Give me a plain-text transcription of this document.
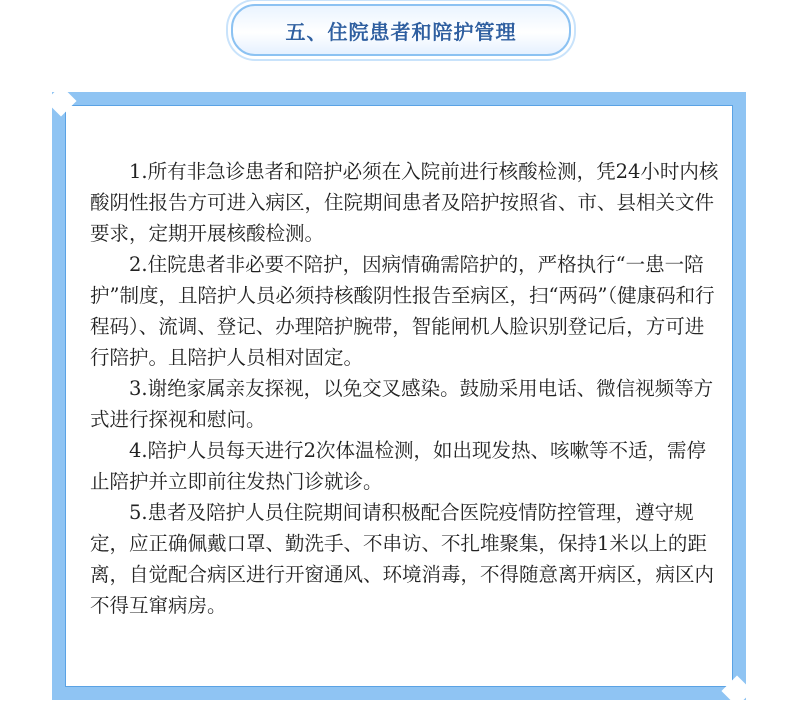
五、住院患者和陪护管理

1.所有非急诊患者和陪护必须在入院前进行核酸检测，凭24小时内核酸阴性报告方可进入病区，住院期间患者及陪护按照省、市、县相关文件要求，定期开展核酸检测。

2.住院患者非必要不陪护，因病情确需陪护的，严格执行“一患一陪护”制度，且陪护人员必须持核酸阴性报告至病区，扫“两码”（健康码和行程码）、流调、登记、办理陪护腕带，智能闸机人脸识别登记后，方可进行陪护。且陪护人员相对固定。

3.谢绝家属亲友探视，以免交叉感染。鼓励采用电话、微信视频等方式进行探视和慰问。

4.陪护人员每天进行2次体温检测，如出现发热、咳嗽等不适，需停止陪护并立即前往发热门诊就诊。

5.患者及陪护人员住院期间请积极配合医院疫情防控管理，遵守规定，应正确佩戴口罩、勤洗手、不串访、不扎堆聚集，保持1米以上的距离，自觉配合病区进行开窗通风、环境消毒，不得随意离开病区，病区内不得互窜病房。
